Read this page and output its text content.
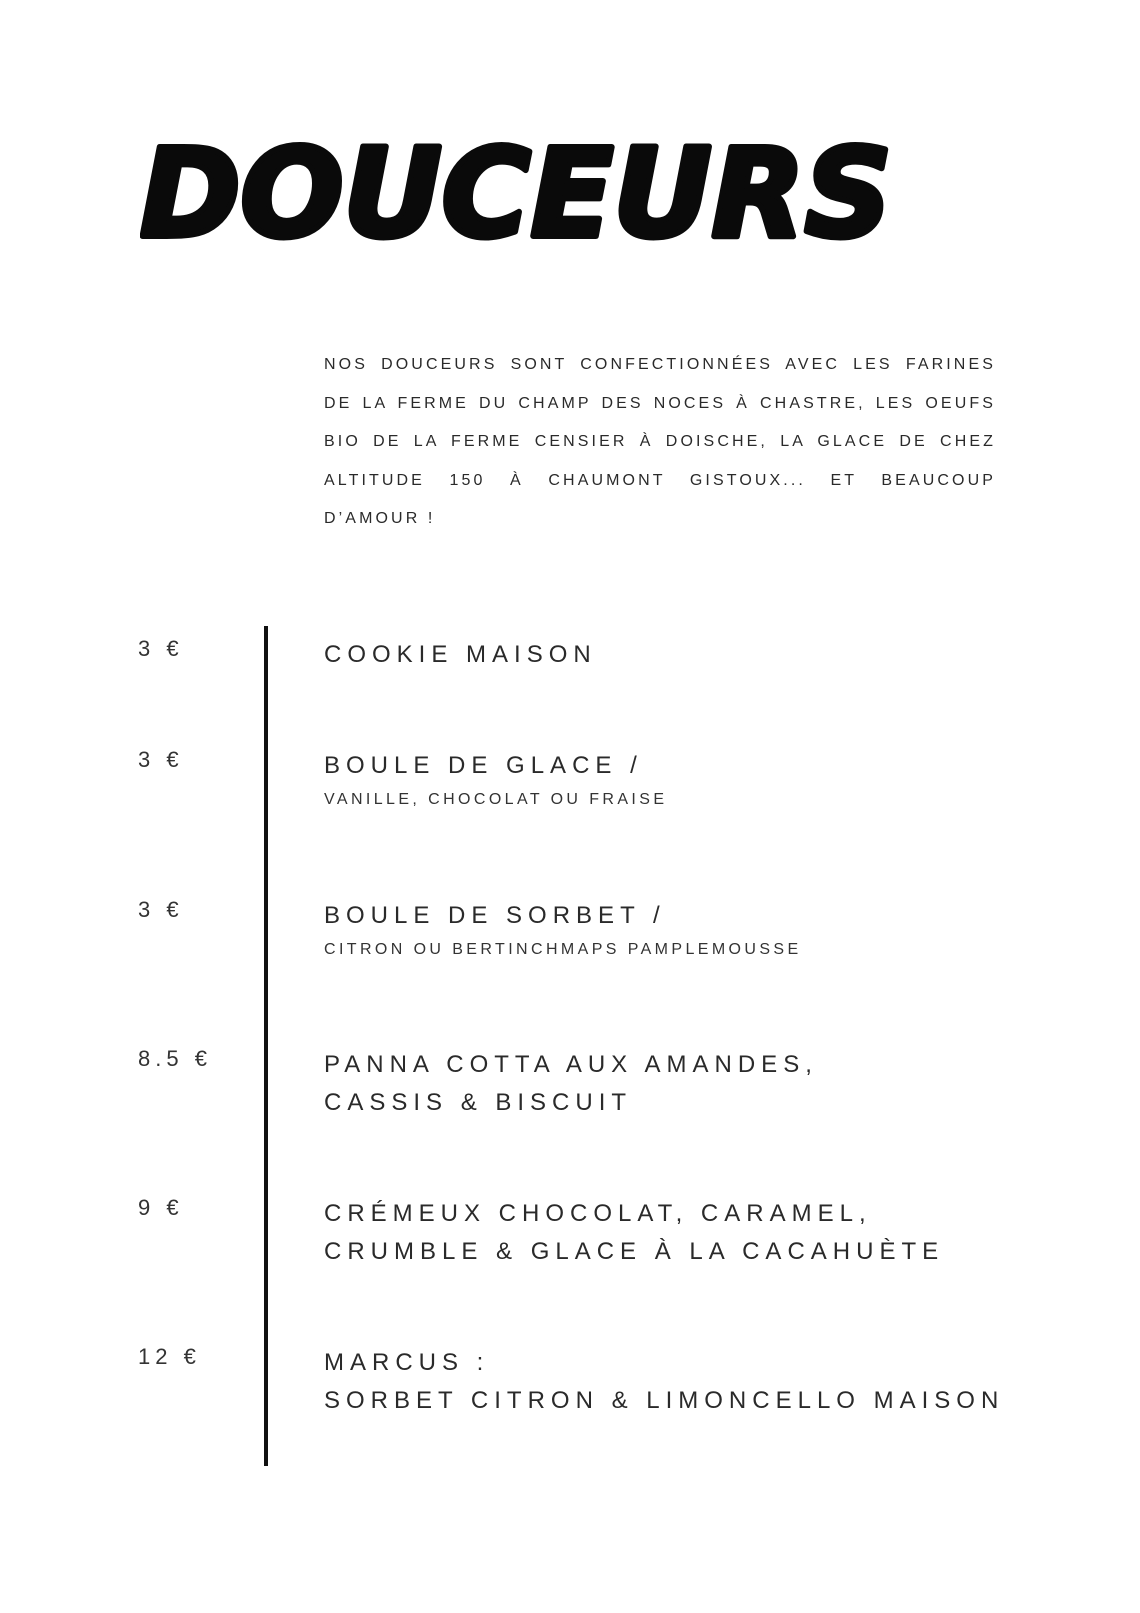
DOUCEURS
NOS DOUCEURS SONT CONFECTIONNÉES AVEC LES FARINES DE LA FERME DU CHAMP DES NOCES À CHASTRE, LES OEUFS BIO DE LA FERME CENSIER À DOISCHE, LA GLACE DE CHEZ ALTITUDE 150 À CHAUMONT GISTOUX... ET BEAUCOUP D’AMOUR !
3 €	COOKIE MAISON
3 €	BOULE DE GLACE /
VANILLE, CHOCOLAT OU FRAISE
3 €	BOULE DE SORBET /
CITRON OU BERTINCHMAPS PAMPLEMOUSSE
8.5 €	PANNA COTTA AUX AMANDES,
CASSIS & BISCUIT
9 €	CRÉMEUX CHOCOLAT, CARAMEL,
CRUMBLE & GLACE À LA CACAHUÈTE
12 €	MARCUS :
SORBET CITRON & LIMONCELLO MAISON
